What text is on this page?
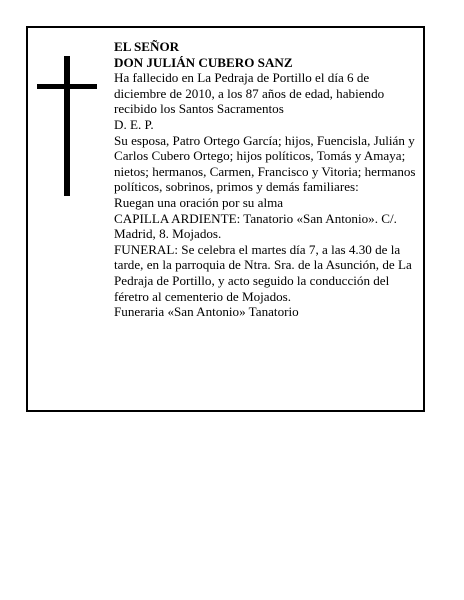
EL SEÑOR

DON JULIÁN CUBERO SANZ

Ha fallecido en La Pedraja de Portillo el día 6 de diciembre de 2010, a los 87 años de edad, habiendo recibido los Santos Sacramentos

D. E. P.

Su esposa, Patro Ortego García; hijos, Fuencisla, Julián y Carlos Cubero Ortego; hijos políticos, Tomás y Amaya; nietos; hermanos, Carmen, Francisco y Vitoria; hermanos políticos, sobrinos, primos y demás familiares:

Ruegan una oración por su alma

CAPILLA ARDIENTE: Tanatorio «San Antonio». C/. Madrid, 8. Mojados.

FUNERAL: Se celebra el martes día 7, a las 4.30 de la tarde, en la parroquia de Ntra. Sra. de la Asunción, de La Pedraja de Portillo, y acto seguido la conducción del féretro al cementerio de Mojados.

Funeraria «San Antonio» Tanatorio
